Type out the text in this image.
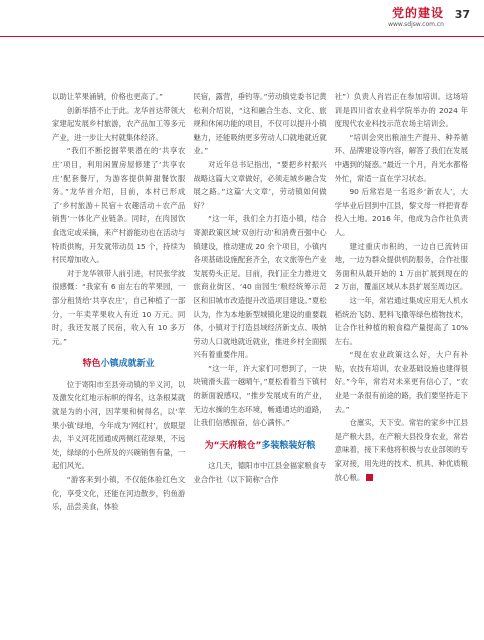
党的建设
www.sdjsw.com.cn
37

以助让苹果涌销，价格也更高了。”

创新举措不止于此。龙华首达带领大家建起发展乡村旅游，农产品加工等多元产业，进一步让大村就集体经济。

“我们不断挖掘苹果潜在的‘共享农庄’项目，利用闲置房屋修建了‘共享农庄’配套餐厅，为游客提供鲜甜餐饮服务。”龙华首介绍，目前，本村已形成了‘乡村旅游＋民宿＋农趣活动＋农产品销售’一体化产业链条。同时，在肉园饮食选定或采摘，来产村游能动也在活动与特质供购，开发就带动员 15 个，持续为村民增加收入。

对于龙华领带人前引进，村民张学波很感慨：“我家有 6 亩左右的苹果园，一部分租赁给‘共享农庄’，自己种植了一部分，一年卖苹果收入有近 10 万元。同时，我还发展了民宿，收入有 10 多万元。”

特色小镇成就新业

位于寄阳市至县旁动镇的半义河，以及激发化红地示标帜的得名，这条根某就就是为的小河，因苹果和树得名，以‘苹果小镇’绿地，今年成为‘网红村’，放眼望去，半义河花园通成两侧红花绿果，不远处，绿绿的小色所及的兴碗销售有量，一起们风光。

“游客来到小镇，不仅能体验红色文化，享受文化，还能在河边散步，钓鱼游乐，品尝美食，体验

民宿，露营，垂钓等。”劳动镇党委书记黄松利介绍说，“这和融合生态、文化、旅规和休闲功能的项目，不仅可以提升小镇魅力，还能吸纳更多劳动人口就地就近就业。”

对近年总书记指出，“要把乡村振兴战略这篇大文章做好，必须走城乡融合发展之路。”这篇‘大文章’，劳动镇如何做好？

“这一年，我们全力打造小镇，结合寄源政策区域‘双创行动’和消费百强中心镇建设，推动建成 20 余个项目，小镇内各项基础设施配套齐全，农文旅等色产业发展势头正足。目前，我们正全力推进文旅商业街区、‘40 亩园生’粮经统筹示范区和旧城市改造提升改造项目建设。”夏松认为，作为本地新型城镇化建设的重要载体，小镇对于打造县域经济新支点、吸纳劳动人口就地就近就业，推进乡村全面振兴有着重要作用。

“这一年，许大家们可想到了，一块块镜滑头蓝一越晴午，”夏松看着当下镇村的新面貌感叹，“推步发展成有的产业，无边水操的生态环境，畅通通达的道路，让我们信感振奋，信心满怀。”

为“天府粮仓”多装粮装好粮

这几天，德阳市中江县金福家粮食专业合作社（以下简称“合作

社”）负责人肖岩正在参加培训。这场培训是四川省农业科学院举办的 2024 年度现代农业科技示范农场主培训会。

“培训会突出粮油生产提升、种养循环、品牌建设等内容，解答了我们在发展中遇到的疑惑。”最近一个月，肖光水都格外忙，常适一直在学习状态。

90 后常岩是一名返乡‘新农人’，大学毕业后回到中江县，黎文母一样把青春投入土地。2016 年，他成为合作社负责人。

建过重庆市积的，一边自已流转田地，一边为群众提供机防服务，合作社服务面积从最开始的 1 万亩扩展到现在的 2 万亩，覆盖区域从本县扩展至周边区。

这一年，常岩通过集成应用无人机水稻统治飞防、肥料飞撒等绿色植物技术，让合作社种植的粮食稳产量提高了 10% 左右。

“现在农业政策这么好，大户有补贴，农技有培训，农业基础设施也建得很好。”今年，常岩对未来更有信心了，“农业是一条很有前途的路，我们要坚持走下去。”

仓廪实，天下安。常岩的家乡中江县是产粮大县，在产粮大县投身农业，常岩意味着，接下来他将积极与农业部领的专家对接，用先进的技术、机具、种优质粮放心粮。
